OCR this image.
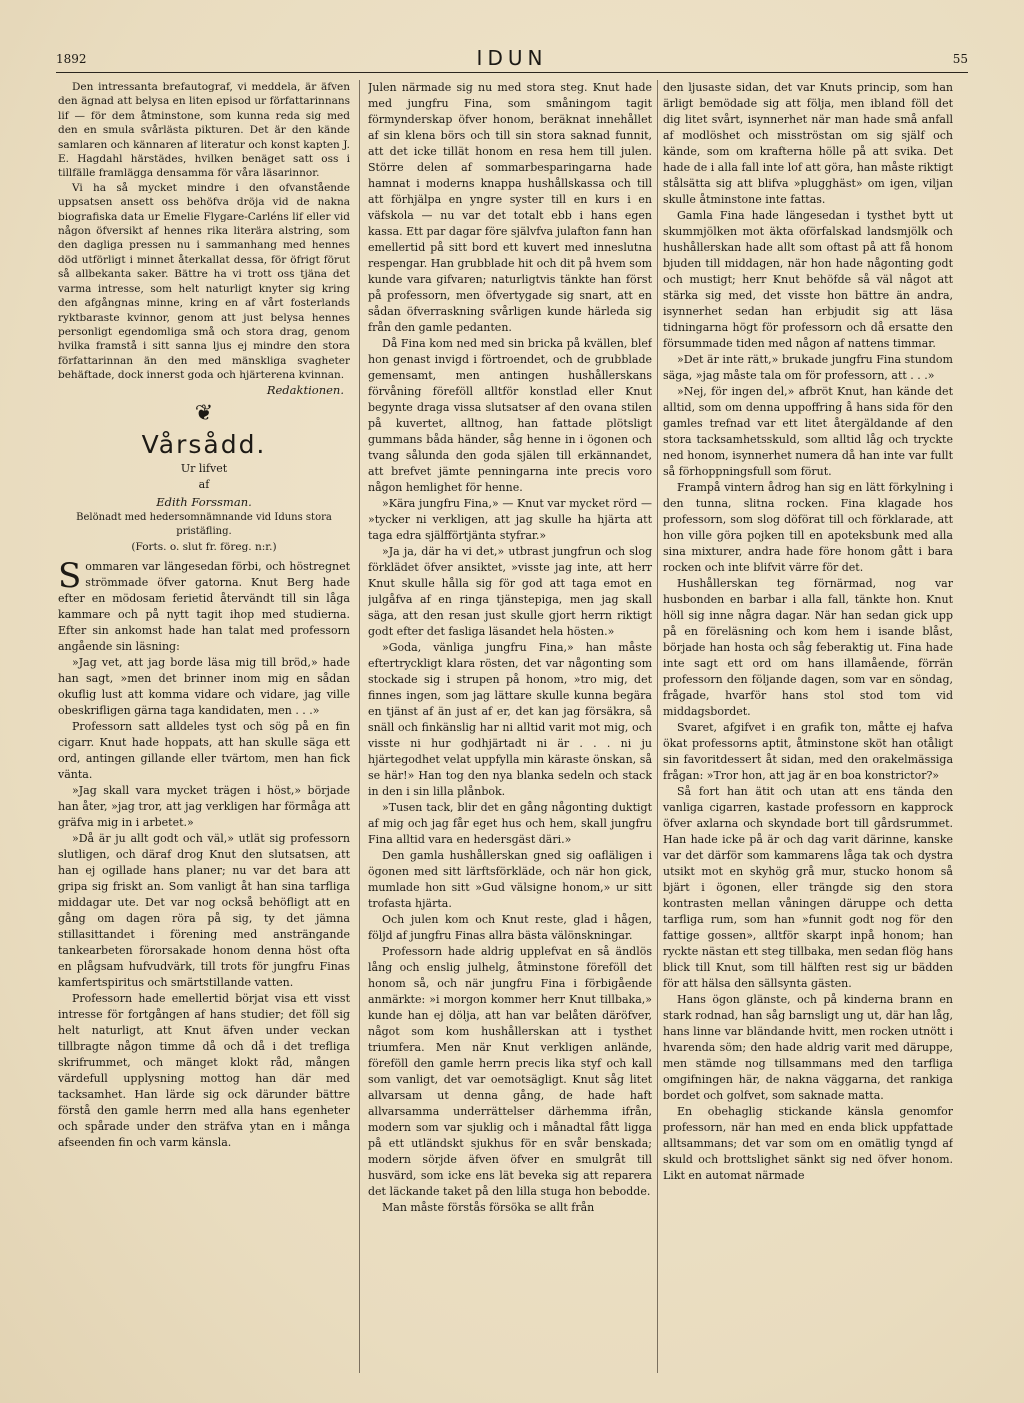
1892	IDUN	55

Den intressanta brefautograf, vi meddela, är äfven den ägnad att belysa en liten episod ur författarinnans lif — för dem åtminstone, som kunna reda sig med den en smula svårlästa pikturen. Det är den kände samlaren och kännaren af literatur och konst kapten J. E. Hagdahl härstädes, hvilken benäget satt oss i tillfälle framlägga densamma för våra läsarinnor.

Vi ha så mycket mindre i den ofvanstående uppsatsen ansett oss behöfva dröja vid de nakna biografiska data ur Emelie Flygare-Carléns lif eller vid någon öfversikt af hennes rika literära alstring, som den dagliga pressen nu i sammanhang med hennes död utförligt i minnet återkallat dessa, för öfrigt förut så allbekanta saker. Bättre ha vi trott oss tjäna det varma intresse, som helt naturligt knyter sig kring den afgångnas minne, kring en af vårt fosterlands ryktbaraste kvinnor, genom att just belysa hennes personligt egendomliga små och stora drag, genom hvilka framstå i sitt sanna ljus ej mindre den stora författarinnan än den med mänskliga svagheter behäftade, dock innerst goda och hjärterena kvinnan.

Redaktionen.
❦
Vårsådd.
Ur lifvet
af
Edith Forssman.
Belönadt med hedersomnämnande vid Iduns stora pristäfling.
(Forts. o. slut fr. föreg. n:r.)

Sommaren var längesedan förbi, och höstregnet strömmade öfver gatorna. Knut Berg hade efter en mödosam ferietid återvändt till sin låga kammare och på nytt tagit ihop med studierna. Efter sin ankomst hade han talat med professorn angående sin läsning:

»Jag vet, att jag borde läsa mig till bröd,» hade han sagt, »men det brinner inom mig en sådan okuflig lust att komma vidare och vidare, jag ville obeskrifligen gärna taga kandidaten, men . . .»

Professorn satt alldeles tyst och sög på en fin cigarr. Knut hade hoppats, att han skulle säga ett ord, antingen gillande eller tvärtom, men han fick vänta.

»Jag skall vara mycket trägen i höst,» började han åter, »jag tror, att jag verkligen har förmåga att gräfva mig in i arbetet.»

»Då är ju allt godt och väl,» utlät sig professorn slutligen, och däraf drog Knut den slutsatsen, att han ej ogillade hans planer; nu var det bara att gripa sig friskt an. Som vanligt åt han sina tarfliga middagar ute. Det var nog också behöfligt att en gång om dagen röra på sig, ty det jämna stillasittandet i förening med ansträngande tankearbeten förorsakade honom denna höst ofta en plågsam hufvudvärk, till trots för jungfru Finas kamfertspiritus och smärtstillande vatten.

Professorn hade emellertid börjat visa ett visst intresse för fortgången af hans studier; det föll sig helt naturligt, att Knut äfven under veckan tillbragte någon timme då och då i det trefliga skrifrummet, och mänget klokt råd, mången värdefull upplysning mottog han där med tacksamhet. Han lärde sig ock därunder bättre förstå den gamle herrn med alla hans egenheter och spårade under den sträfva ytan en i många afseenden fin och varm känsla.

Julen närmade sig nu med stora steg. Knut hade med jungfru Fina, som småningom tagit förmynderskap öfver honom, beräknat innehållet af sin klena börs och till sin stora saknad funnit, att det icke tillät honom en resa hem till julen. Större delen af sommarbesparingarna hade hamnat i moderns knappa hushållskassa och till att förhjälpa en yngre syster till en kurs i en väfskola — nu var det totalt ebb i hans egen kassa. Ett par dagar före självfva julafton fann han emellertid på sitt bord ett kuvert med inneslutna respengar. Han grubblade hit och dit på hvem som kunde vara gifvaren; naturligtvis tänkte han först på professorn, men öfvertygade sig snart, att en sådan öfverraskning svårligen kunde härleda sig från den gamle pedanten.

Då Fina kom ned med sin bricka på kvällen, blef hon genast invigd i förtroendet, och de grubblade gemensamt, men antingen hushållerskans förvåning föreföll alltför konstlad eller Knut begynte draga vissa slutsatser af den ovana stilen på kuvertet, alltnog, han fattade plötsligt gummans båda händer, såg henne in i ögonen och tvang sålunda den goda själen till erkännandet, att brefvet jämte penningarna inte precis voro någon hemlighet för henne.

»Kära jungfru Fina,» — Knut var mycket rörd — »tycker ni verkligen, att jag skulle ha hjärta att taga edra själfförtjänta styfrar.»

»Ja ja, där ha vi det,» utbrast jungfrun och slog förklädet öfver ansiktet, »visste jag inte, att herr Knut skulle hålla sig för god att taga emot en julgåfva af en ringa tjänstepiga, men jag skall säga, att den resan just skulle gjort herrn riktigt godt efter det fasliga läsandet hela hösten.»

»Goda, vänliga jungfru Fina,» han måste eftertryckligt klara rösten, det var någonting som stockade sig i strupen på honom, »tro mig, det finnes ingen, som jag lättare skulle kunna begära en tjänst af än just af er, det kan jag försäkra, så snäll och finkänslig har ni alltid varit mot mig, och visste ni hur godhjärtadt ni är . . . ni ju hjärtegodhet velat uppfylla min käraste önskan, så se här!» Han tog den nya blanka sedeln och stack in den i sin lilla plånbok.

»Tusen tack, blir det en gång någonting duktigt af mig och jag får eget hus och hem, skall jungfru Fina alltid vara en hedersgäst däri.»

Den gamla hushållerskan gned sig oafläligen i ögonen med sitt lärftsförkläde, och när hon gick, mumlade hon sitt »Gud välsigne honom,» ur sitt trofasta hjärta.

Och julen kom och Knut reste, glad i hågen, följd af jungfru Finas allra bästa välönskningar.

Professorn hade aldrig upplefvat en så ändlös lång och enslig julhelg, åtminstone föreföll det honom så, och när jungfru Fina i förbigående anmärkte: »i morgon kommer herr Knut tillbaka,» kunde han ej dölja, att han var belåten däröfver, något som kom hushållerskan att i tysthet triumfera. Men när Knut verkligen anlände, föreföll den gamle herrn precis lika styf och kall som vanligt, det var oemotsägligt. Knut såg litet allvarsam ut denna gång, de hade haft allvarsamma underrättelser därhemma ifrån, modern som var sjuklig och i månadtal fått ligga på ett utländskt sjukhus för en svår benskada; modern sörjde äfven öfver en smulgråt till husvärd, som icke ens lät beveka sig att reparera det läckande taket på den lilla stuga hon bebodde.

Man måste förstås försöka se allt från

den ljusaste sidan, det var Knuts princip, som han ärligt bemödade sig att följa, men ibland föll det dig litet svårt, isynnerhet när man hade små anfall af modlöshet och misströstan om sig själf och kände, som om krafterna hölle på att svika. Det hade de i alla fall inte lof att göra, han måste riktigt stålsätta sig att blifva »plugghäst» om igen, viljan skulle åtminstone inte fattas.

Gamla Fina hade längesedan i tysthet bytt ut skummjölken mot äkta oförfalskad landsmjölk och hushållerskan hade allt som oftast på att få honom bjuden till middagen, när hon hade någonting godt och mustigt; herr Knut behöfde så väl något att stärka sig med, det visste hon bättre än andra, isynnerhet sedan han erbjudit sig att läsa tidningarna högt för professorn och då ersatte den försummade tiden med någon af nattens timmar.

»Det är inte rätt,» brukade jungfru Fina stundom säga, »jag måste tala om för professorn, att . . .»

»Nej, för ingen del,» afbröt Knut, han kände det alltid, som om denna uppoffring å hans sida för den gamles trefnad var ett litet återgäldande af den stora tacksamhetsskuld, som alltid låg och tryckte ned honom, isynnerhet numera då han inte var fullt så förhoppningsfull som förut.

Frampå vintern ådrog han sig en lätt förkylning i den tunna, slitna rocken. Fina klagade hos professorn, som slog döförat till och förklarade, att hon ville göra pojken till en apoteksbunk med alla sina mixturer, andra hade före honom gått i bara rocken och inte blifvit värre för det.

Hushållerskan teg förnärmad, nog var husbonden en barbar i alla fall, tänkte hon. Knut höll sig inne några dagar. När han sedan gick upp på en föreläsning och kom hem i isande blåst, började han hosta och såg feberaktig ut. Fina hade inte sagt ett ord om hans illamående, förrän professorn den följande dagen, som var en söndag, frågade, hvarför hans stol stod tom vid middagsbordet.

Svaret, afgifvet i en grafik ton, måtte ej hafva ökat professorns aptit, åtminstone sköt han otåligt sin favoritdessert åt sidan, med den orakelmässiga frågan: »Tror hon, att jag är en boa konstrictor?»

Så fort han ätit och utan att ens tända den vanliga cigarren, kastade professorn en kapprock öfver axlarna och skyndade bort till gårdsrummet. Han hade icke på är och dag varit därinne, kanske var det därför som kammarens låga tak och dystra utsikt mot en skyhög grå mur, stucko honom så bjärt i ögonen, eller trängde sig den stora kontrasten mellan våningen däruppe och detta tarfliga rum, som han »funnit godt nog för den fattige gossen», alltför skarpt inpå honom; han ryckte nästan ett steg tillbaka, men sedan flög hans blick till Knut, som till hälften rest sig ur bädden för att hälsa den sällsynta gästen.

Hans ögon glänste, och på kinderna brann en stark rodnad, han såg barnsligt ung ut, där han låg, hans linne var bländande hvitt, men rocken utnött i hvarenda söm; den hade aldrig varit med däruppe, men stämde nog tillsammans med den tarfliga omgifningen här, de nakna väggarna, det rankiga bordet och golfvet, som saknade matta.

En obehaglig stickande känsla genomfor professorn, när han med en enda blick uppfattade alltsammans; det var som om en omätlig tyngd af skuld och brottslighet sänkt sig ned öfver honom. Likt en automat närmade
